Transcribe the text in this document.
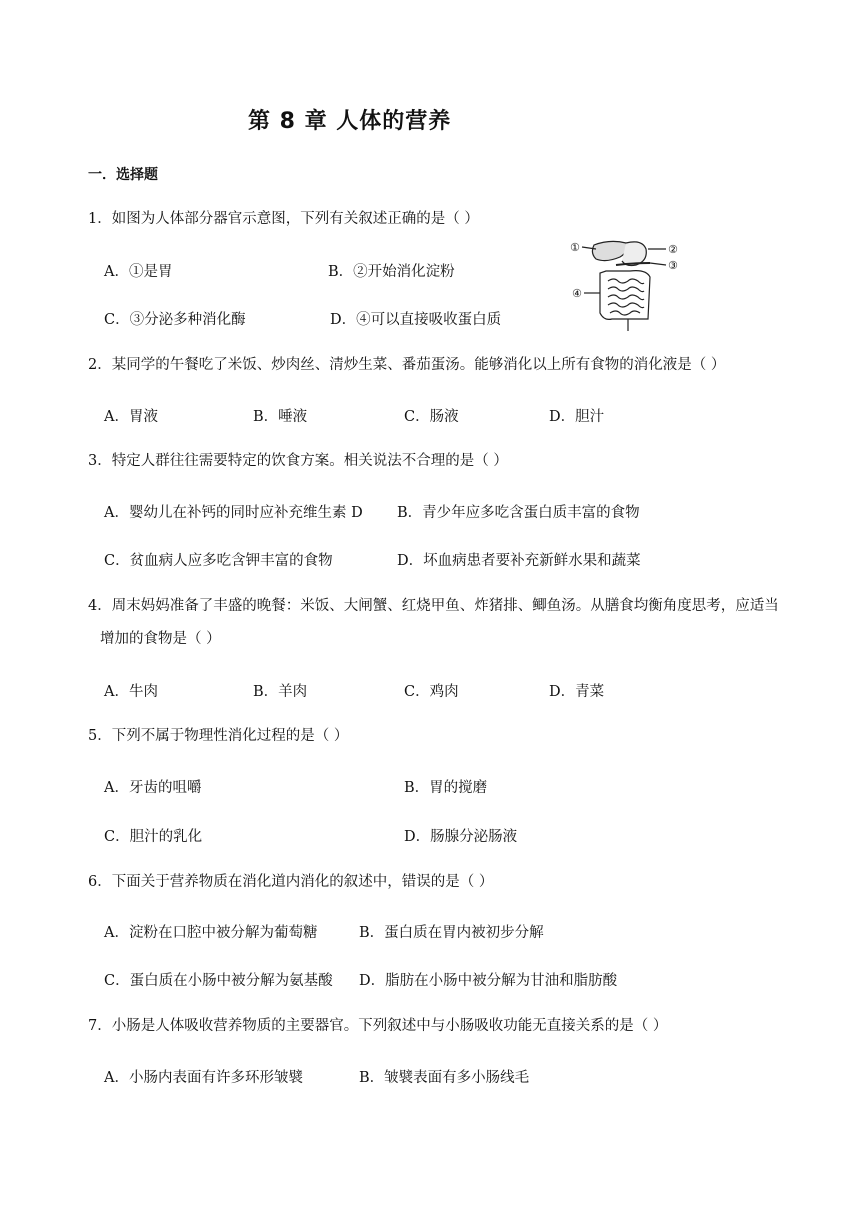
第 8 章 人体的营养
一．选择题
1．如图为人体部分器官示意图，下列有关叙述正确的是（ ）
A．①是胃	B．②开始消化淀粉
C．③分泌多种消化酶	D．④可以直接吸收蛋白质
①	②
③
④
2．某同学的午餐吃了米饭、炒肉丝、清炒生菜、番茄蛋汤。能够消化以上所有食物的消化液是（ ）
A．胃液	B．唾液	C．肠液	D．胆汁
3．特定人群往往需要特定的饮食方案。相关说法不合理的是（ ）
A．婴幼儿在补钙的同时应补充维生素 D B．青少年应多吃含蛋白质丰富的食物
C．贫血病人应多吃含钾丰富的食物	D．坏血病患者要补充新鲜水果和蔬菜
4．周末妈妈准备了丰盛的晚餐：米饭、大闸蟹、红烧甲鱼、炸猪排、鲫鱼汤。从膳食均衡角度思考，应适当增加的食物是（ ）
A．牛肉	B．羊肉	C．鸡肉	D．青菜
5．下列不属于物理性消化过程的是（ ）
A．牙齿的咀嚼	B．胃的搅磨
C．胆汁的乳化	D．肠腺分泌肠液
6．下面关于营养物质在消化道内消化的叙述中，错误的是（ ）
A．淀粉在口腔中被分解为葡萄糖	B．蛋白质在胃内被初步分解
C．蛋白质在小肠中被分解为氨基酸 D．脂肪在小肠中被分解为甘油和脂肪酸
7．小肠是人体吸收营养物质的主要器官。下列叙述中与小肠吸收功能无直接关系的是（ ）
A．小肠内表面有许多环形皱襞	B．皱襞表面有多小肠线毛
